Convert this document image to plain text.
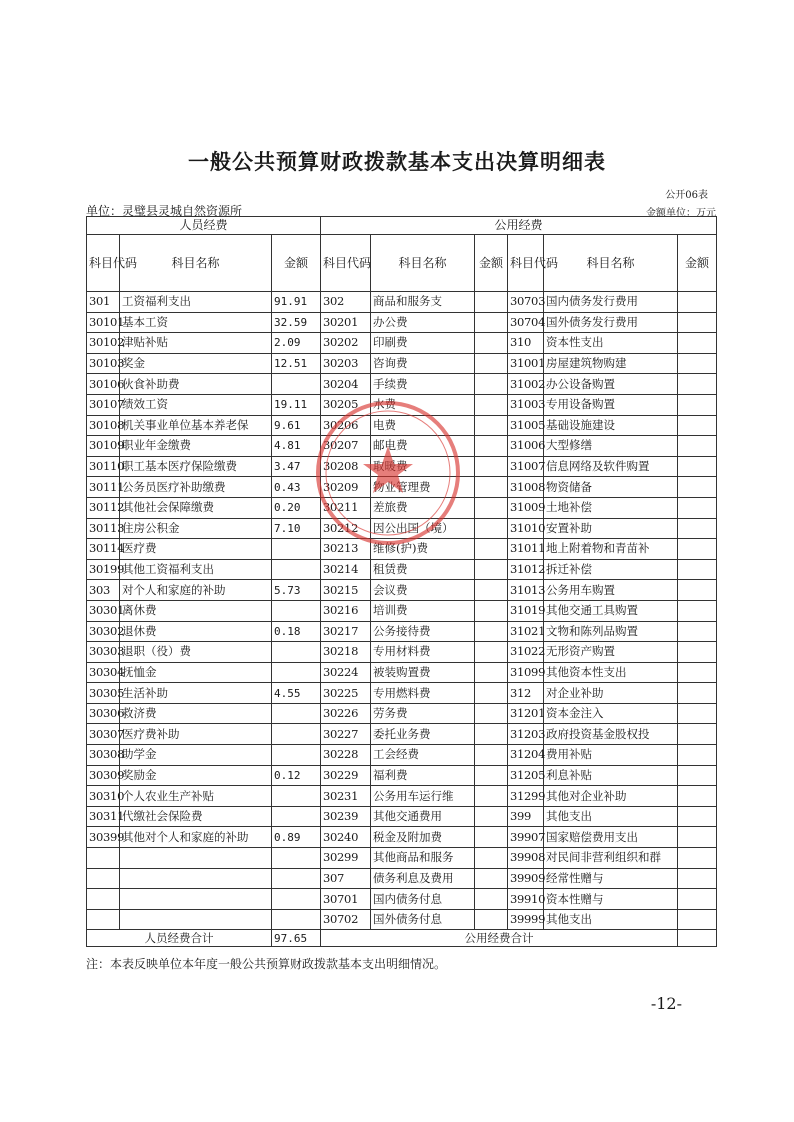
一般公共预算财政拨款基本支出决算明细表
公开06表
单位：灵璧县灵城自然资源所	金额单位：万元
人员经费			公用经费					
科目代码	科目名称	金额	科目代码	科目名称	金额	科目代码	科目名称	金额
301	工资福利支出	91.91	302	商品和服务支		30703	国内债务发行费用	
30101	基本工资	32.59	30201	办公费		30704	国外债务发行费用	
30102	津贴补贴	2.09	30202	印刷费		310	资本性支出	
30103	奖金	12.51	30203	咨询费		31001	房屋建筑物购建	
30106	伙食补助费		30204	手续费		31002	办公设备购置	
30107	绩效工资	19.11	30205	水费		31003	专用设备购置	
30108	机关事业单位基本养老保	9.61	30206	电费		31005	基础设施建设	
30109	职业年金缴费	4.81	30207	邮电费		31006	大型修缮	
30110	职工基本医疗保险缴费	3.47	30208			31007	信息网络及软件购置	
30111	公务员医疗补助缴费	0.43	30209	物业管理费		31008	物资储备	
30112	其他社会保障缴费	0.20	30211	差旅费		31009	土地补偿	
30113	住房公积金	7.10	30212	因公出国（境）		31010	安置补助	
30114	医疗费		30213	维修(护)费		31011	地上附着物和青苗补	
30199	其他工资福利支出		30214	租赁费		31012	拆迁补偿	
303	对个人和家庭的补助	5.73	30215	会议费		31013	公务用车购置	
30301	离休费		30216	培训费		31019	其他交通工具购置	
30302	退休费	0.18	30217	公务接待费		31021	文物和陈列品购置	
30303	退职（役）费		30218	专用材料费		31022	无形资产购置	
30304	抚恤金		30224	被装购置费		31099	其他资本性支出	
30305	生活补助	4.55	30225	专用燃料费		312	对企业补助	
30306	救济费		30226	劳务费		31201	资本金注入	
30307	医疗费补助		30227	委托业务费		31203	政府投资基金股权投	
30308	助学金		30228	工会经费		31204	费用补贴	
30309	奖励金	0.12	30229	福利费		31205	利息补贴	
30310	个人农业生产补贴		30231	公务用车运行维		31299	其他对企业补助	
30311	代缴社会保险费		30239	其他交通费用		399	其他支出	
30399	其他对个人和家庭的补助	0.89	30240	税金及附加费		39907	国家赔偿费用支出	
			30299	其他商品和服务		39908	对民间非营利组织和群	
			307	债务利息及费用		39909	经常性赠与	
			30701	国内债务付息		39910	资本性赠与	
			30702	国外债务付息		39999	其他支出	
人员经费合计		97.65	公用经费合计					
注：本表反映单位本年度一般公共预算财政拨款基本支出明细情况。
-12-
